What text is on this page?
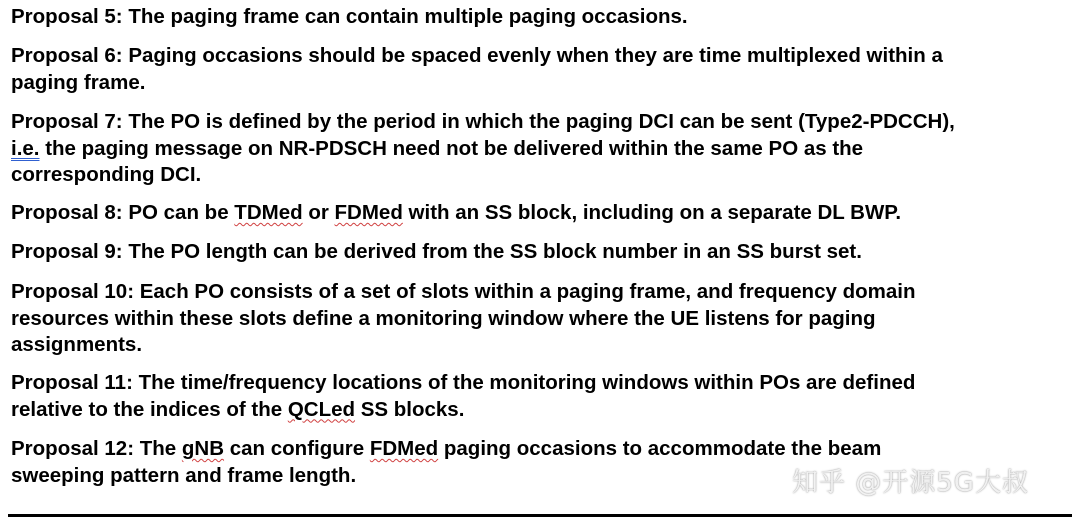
Proposal 5: The paging frame can contain multiple paging occasions.
Proposal 6: Paging occasions should be spaced evenly when they are time multiplexed within a
paging frame.
Proposal 7: The PO is defined by the period in which the paging DCI can be sent (Type2-PDCCH),
i.e. the paging message on NR-PDSCH need not be delivered within the same PO as the
corresponding DCI.
Proposal 8: PO can be TDMed or FDMed with an SS block, including on a separate DL BWP.
Proposal 9: The PO length can be derived from the SS block number in an SS burst set.
Proposal 10: Each PO consists of a set of slots within a paging frame, and frequency domain
resources within these slots define a monitoring window where the UE listens for paging
assignments.
Proposal 11: The time/frequency locations of the monitoring windows within POs are defined
relative to the indices of the QCLed SS blocks.
Proposal 12: The gNB can configure FDMed paging occasions to accommodate the beam
sweeping pattern and frame length.	知乎 @开源5G大叔
